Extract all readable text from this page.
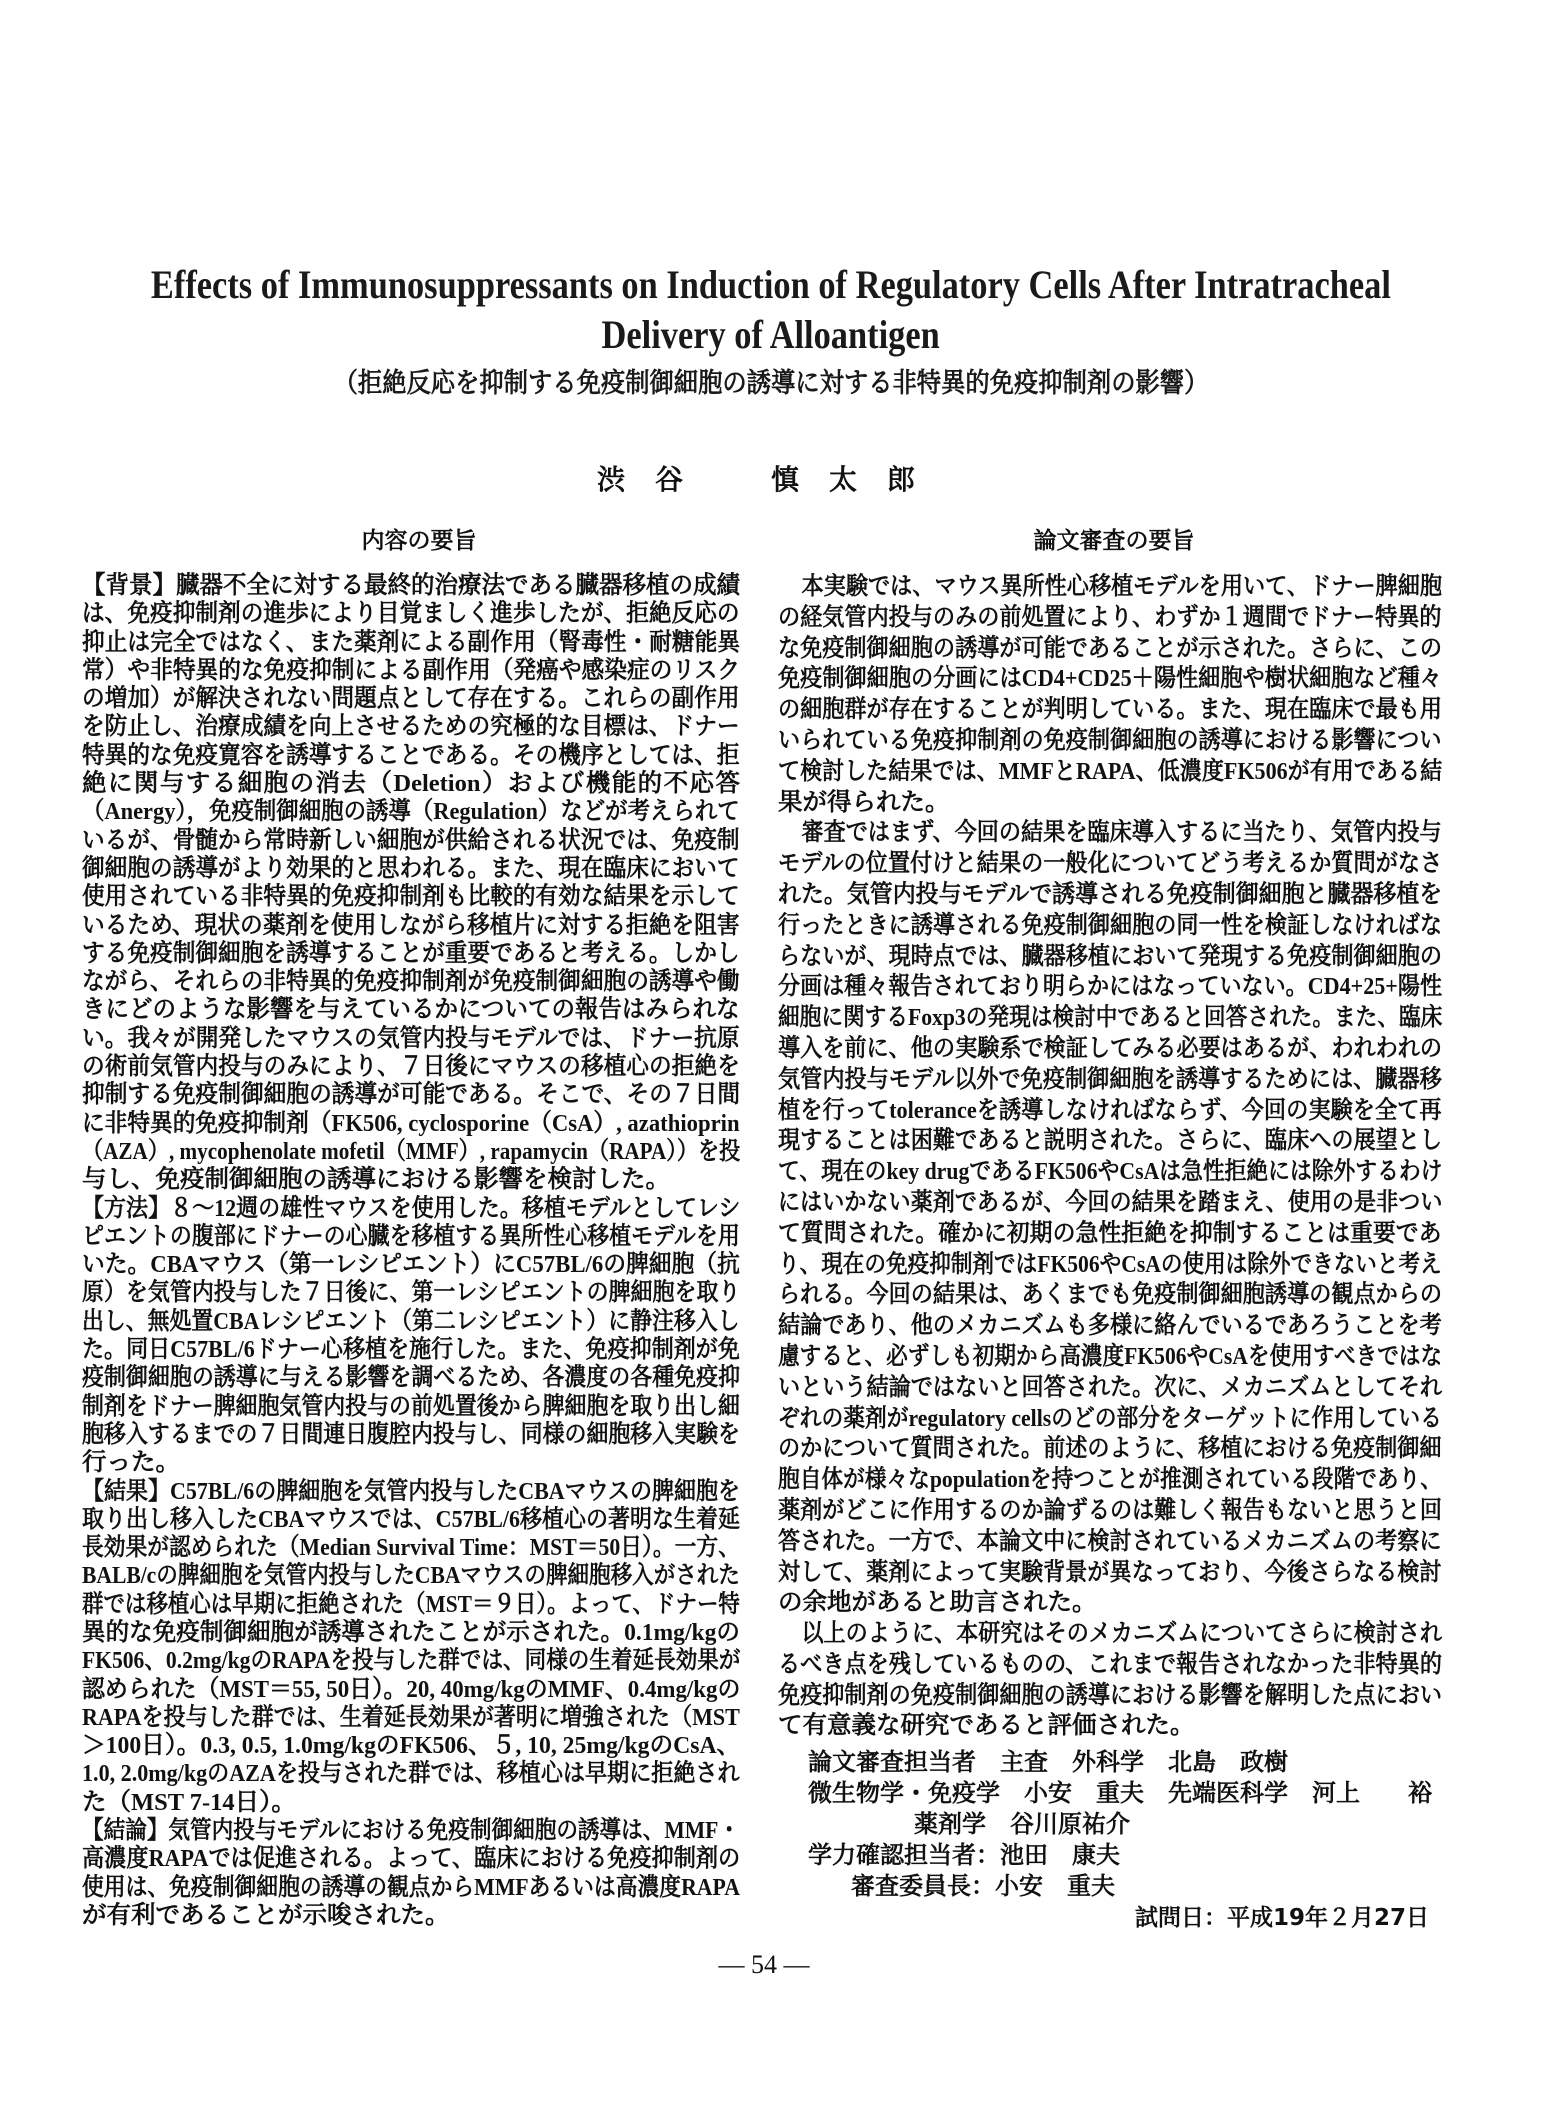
Effects of Immunosuppressants on Induction of Regulatory Cells After Intratracheal
Delivery of Alloantigen
（拒絶反応を抑制する免疫制御細胞の誘導に対する非特異的免疫抑制剤の影響）
渋谷　慎太郎
内容の要旨	論文審査の要旨
【背景】臓器不全に対する最終的治療法である臓器移植の成績
は、免疫抑制剤の進歩により目覚ましく進歩したが、拒絶反応の
抑止は完全ではなく、また薬剤による副作用（腎毒性・耐糖能異
常）や非特異的な免疫抑制による副作用（発癌や感染症のリスク
の増加）が解決されない問題点として存在する。これらの副作用
を防止し、治療成績を向上させるための究極的な目標は、ドナー
特異的な免疫寛容を誘導することである。その機序としては、拒
絶に関与する細胞の消去（Deletion）および機能的不応答
（Anergy），免疫制御細胞の誘導（Regulation）などが考えられて
いるが、骨髄から常時新しい細胞が供給される状況では、免疫制
御細胞の誘導がより効果的と思われる。また、現在臨床において
使用されている非特異的免疫抑制剤も比較的有効な結果を示して
いるため、現状の薬剤を使用しながら移植片に対する拒絶を阻害
する免疫制御細胞を誘導することが重要であると考える。しかし
ながら、それらの非特異的免疫抑制剤が免疫制御細胞の誘導や働
きにどのような影響を与えているかについての報告はみられな
い。我々が開発したマウスの気管内投与モデルでは、ドナー抗原
の術前気管内投与のみにより、７日後にマウスの移植心の拒絶を
抑制する免疫制御細胞の誘導が可能である。そこで、その７日間
に非特異的免疫抑制剤（FK506, cyclosporine（CsA）, azathioprin
（AZA）, mycophenolate mofetil（MMF）, rapamycin（RAPA））を投
与し、免疫制御細胞の誘導における影響を検討した。
【方法】８～12週の雄性マウスを使用した。移植モデルとしてレシ
ピエントの腹部にドナーの心臓を移植する異所性心移植モデルを用
いた。CBAマウス（第一レシピエント）にC57BL/6の脾細胞（抗
原）を気管内投与した７日後に、第一レシピエントの脾細胞を取り
出し、無処置CBAレシピエント（第二レシピエント）に静注移入し
た。同日C57BL/6ドナー心移植を施行した。また、免疫抑制剤が免
疫制御細胞の誘導に与える影響を調べるため、各濃度の各種免疫抑
制剤をドナー脾細胞気管内投与の前処置後から脾細胞を取り出し細
胞移入するまでの７日間連日腹腔内投与し、同様の細胞移入実験を
行った。
【結果】C57BL/6の脾細胞を気管内投与したCBAマウスの脾細胞を
取り出し移入したCBAマウスでは、C57BL/6移植心の著明な生着延
長効果が認められた（Median Survival Time：MST＝50日）。一方、
BALB/cの脾細胞を気管内投与したCBAマウスの脾細胞移入がされた
群では移植心は早期に拒絶された（MST＝９日）。よって、ドナー特
異的な免疫制御細胞が誘導されたことが示された。0.1mg/kgの
FK506、0.2mg/kgのRAPAを投与した群では、同様の生着延長効果が
認められた（MST＝55, 50日）。20, 40mg/kgのMMF、0.4mg/kgの
RAPAを投与した群では、生着延長効果が著明に増強された（MST
＞100日）。0.3, 0.5, 1.0mg/kgのFK506、５, 10, 25mg/kgのCsA、
1.0, 2.0mg/kgのAZAを投与された群では、移植心は早期に拒絶され
た（MST 7-14日）。
【結論】気管内投与モデルにおける免疫制御細胞の誘導は、MMF・
高濃度RAPAでは促進される。よって、臨床における免疫抑制剤の
使用は、免疫制御細胞の誘導の観点からMMFあるいは高濃度RAPA
が有利であることが示唆された。
本実験では、マウス異所性心移植モデルを用いて、ドナー脾細胞
の経気管内投与のみの前処置により、わずか１週間でドナー特異的
な免疫制御細胞の誘導が可能であることが示された。さらに、この
免疫制御細胞の分画にはCD4+CD25＋陽性細胞や樹状細胞など種々
の細胞群が存在することが判明している。また、現在臨床で最も用
いられている免疫抑制剤の免疫制御細胞の誘導における影響につい
て検討した結果では、MMFとRAPA、低濃度FK506が有用である結
果が得られた。
審査ではまず、今回の結果を臨床導入するに当たり、気管内投与
モデルの位置付けと結果の一般化についてどう考えるか質問がなさ
れた。気管内投与モデルで誘導される免疫制御細胞と臓器移植を
行ったときに誘導される免疫制御細胞の同一性を検証しなければな
らないが、現時点では、臓器移植において発現する免疫制御細胞の
分画は種々報告されており明らかにはなっていない。CD4+25+陽性
細胞に関するFoxp3の発現は検討中であると回答された。また、臨床
導入を前に、他の実験系で検証してみる必要はあるが、われわれの
気管内投与モデル以外で免疫制御細胞を誘導するためには、臓器移
植を行ってtoleranceを誘導しなければならず、今回の実験を全て再
現することは困難であると説明された。さらに、臨床への展望とし
て、現在のkey drugであるFK506やCsAは急性拒絶には除外するわけ
にはいかない薬剤であるが、今回の結果を踏まえ、使用の是非つい
て質問された。確かに初期の急性拒絶を抑制することは重要であ
り、現在の免疫抑制剤ではFK506やCsAの使用は除外できないと考え
られる。今回の結果は、あくまでも免疫制御細胞誘導の観点からの
結論であり、他のメカニズムも多様に絡んでいるであろうことを考
慮すると、必ずしも初期から高濃度FK506やCsAを使用すべきではな
いという結論ではないと回答された。次に、メカニズムとしてそれ
ぞれの薬剤がregulatory cellsのどの部分をターゲットに作用している
のかについて質問された。前述のように、移植における免疫制御細
胞自体が様々なpopulationを持つことが推測されている段階であり、
薬剤がどこに作用するのか論ずるのは難しく報告もないと思うと回
答された。一方で、本論文中に検討されているメカニズムの考察に
対して、薬剤によって実験背景が異なっており、今後さらなる検討
の余地があると助言された。
以上のように、本研究はそのメカニズムについてさらに検討され
るべき点を残しているものの、これまで報告されなかった非特異的
免疫抑制剤の免疫制御細胞の誘導における影響を解明した点におい
て有意義な研究であると評価された。
論文審査担当者　主査　外科学　北島　政樹
微生物学・免疫学　小安　重夫 先端医科学　河上　　裕
薬剤学　谷川原祐介
学力確認担当者：池田　康夫
審査委員長：小安　重夫
試問日：平成19年２月27日
— 54 —
